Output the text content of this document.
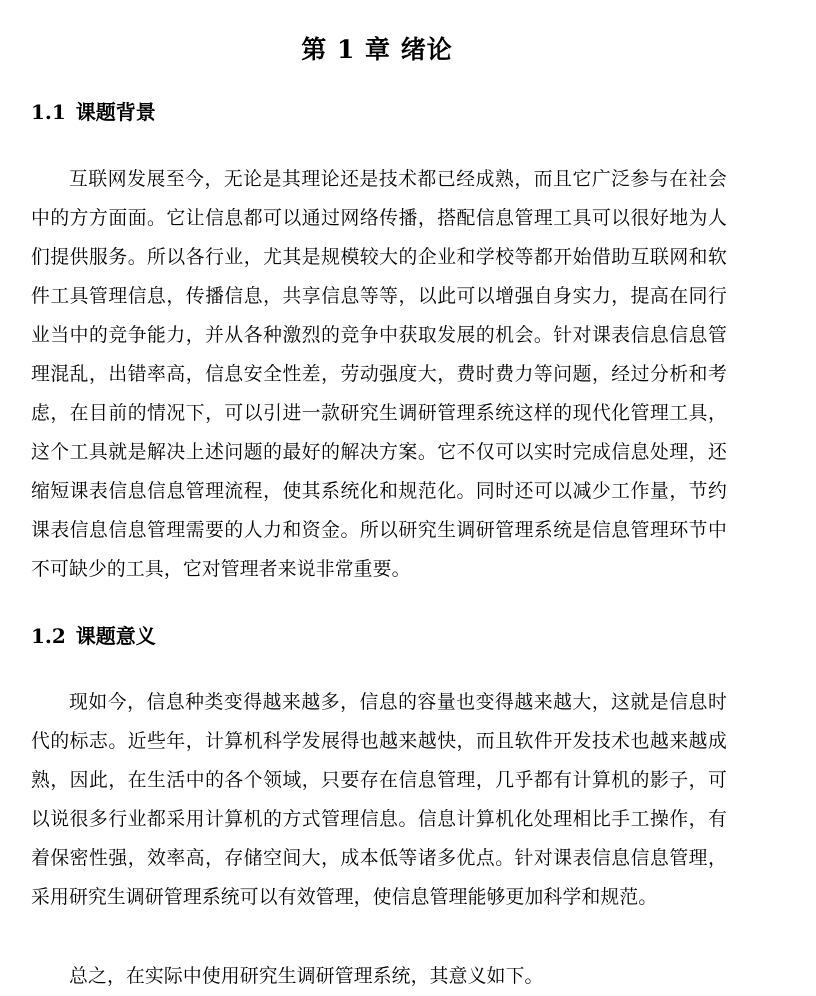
第 1 章 绪论
1.1 课题背景

互联网发展至今，无论是其理论还是技术都已经成熟，而且它广泛参与在社会中的方方面面。它让信息都可以通过网络传播，搭配信息管理工具可以很好地为人们提供服务。所以各行业，尤其是规模较大的企业和学校等都开始借助互联网和软件工具管理信息，传播信息，共享信息等等，以此可以增强自身实力，提高在同行业当中的竞争能力，并从各种激烈的竞争中获取发展的机会。针对课表信息信息管理混乱，出错率高，信息安全性差，劳动强度大，费时费力等问题，经过分析和考虑，在目前的情况下，可以引进一款研究生调研管理系统这样的现代化管理工具，这个工具就是解决上述问题的最好的解决方案。它不仅可以实时完成信息处理，还缩短课表信息信息管理流程，使其系统化和规范化。同时还可以减少工作量，节约课表信息信息管理需要的人力和资金。所以研究生调研管理系统是信息管理环节中不可缺少的工具，它对管理者来说非常重要。

1.2 课题意义

现如今，信息种类变得越来越多，信息的容量也变得越来越大，这就是信息时代的标志。近些年，计算机科学发展得也越来越快，而且软件开发技术也越来越成熟，因此，在生活中的各个领域，只要存在信息管理，几乎都有计算机的影子，可以说很多行业都采用计算机的方式管理信息。信息计算机化处理相比手工操作，有着保密性强，效率高，存储空间大，成本低等诸多优点。针对课表信息信息管理，采用研究生调研管理系统可以有效管理，使信息管理能够更加科学和规范。

总之，在实际中使用研究生调研管理系统，其意义如下。
